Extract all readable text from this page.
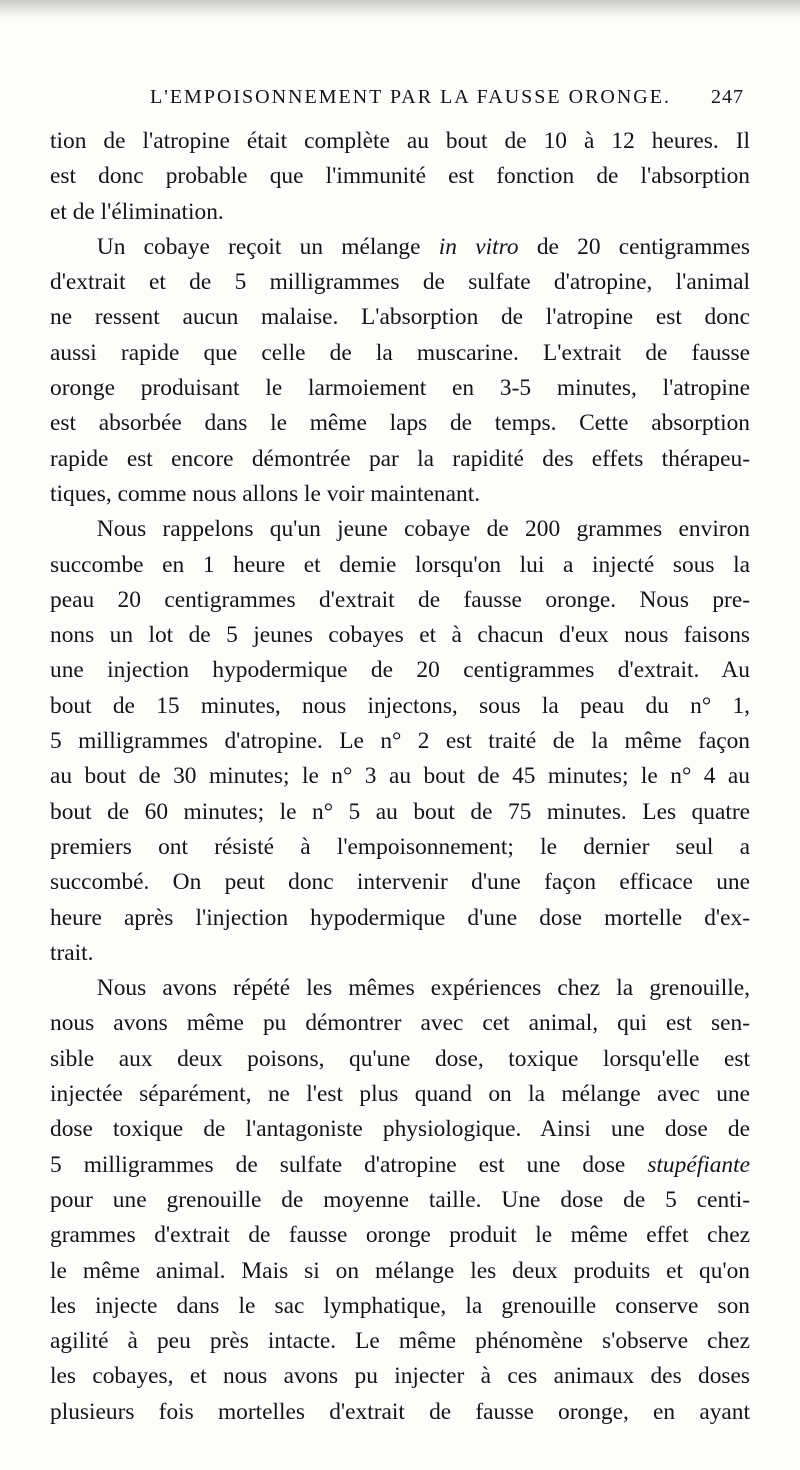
L'EMPOISONNEMENT PAR LA FAUSSE ORONGE. 247
tion de l'atropine était complète au bout de 10 à 12 heures. Il
est donc probable que l'immunité est fonction de l'absorption
et de l'élimination.
Un cobaye reçoit un mélange in vitro de 20 centigrammes
d'extrait et de 5 milligrammes de sulfate d'atropine, l'animal
ne ressent aucun malaise. L'absorption de l'atropine est donc
aussi rapide que celle de la muscarine. L'extrait de fausse
oronge produisant le larmoiement en 3-5 minutes, l'atropine
est absorbée dans le même laps de temps. Cette absorption
rapide est encore démontrée par la rapidité des effets thérapeu-
tiques, comme nous allons le voir maintenant.
Nous rappelons qu'un jeune cobaye de 200 grammes environ
succombe en 1 heure et demie lorsqu'on lui a injecté sous la
peau 20 centigrammes d'extrait de fausse oronge. Nous pre-
nons un lot de 5 jeunes cobayes et à chacun d'eux nous faisons
une injection hypodermique de 20 centigrammes d'extrait. Au
bout de 15 minutes, nous injectons, sous la peau du n° 1,
5 milligrammes d'atropine. Le n° 2 est traité de la même façon
au bout de 30 minutes; le n° 3 au bout de 45 minutes; le n° 4 au
bout de 60 minutes; le n° 5 au bout de 75 minutes. Les quatre
premiers ont résisté à l'empoisonnement; le dernier seul a
succombé. On peut donc intervenir d'une façon efficace une
heure après l'injection hypodermique d'une dose mortelle d'ex-
trait.
Nous avons répété les mêmes expériences chez la grenouille,
nous avons même pu démontrer avec cet animal, qui est sen-
sible aux deux poisons, qu'une dose, toxique lorsqu'elle est
injectée séparément, ne l'est plus quand on la mélange avec une
dose toxique de l'antagoniste physiologique. Ainsi une dose de
5 milligrammes de sulfate d'atropine est une dose stupéfiante
pour une grenouille de moyenne taille. Une dose de 5 centi-
grammes d'extrait de fausse oronge produit le même effet chez
le même animal. Mais si on mélange les deux produits et qu'on
les injecte dans le sac lymphatique, la grenouille conserve son
agilité à peu près intacte. Le même phénomène s'observe chez
les cobayes, et nous avons pu injecter à ces animaux des doses
plusieurs fois mortelles d'extrait de fausse oronge, en ayant
